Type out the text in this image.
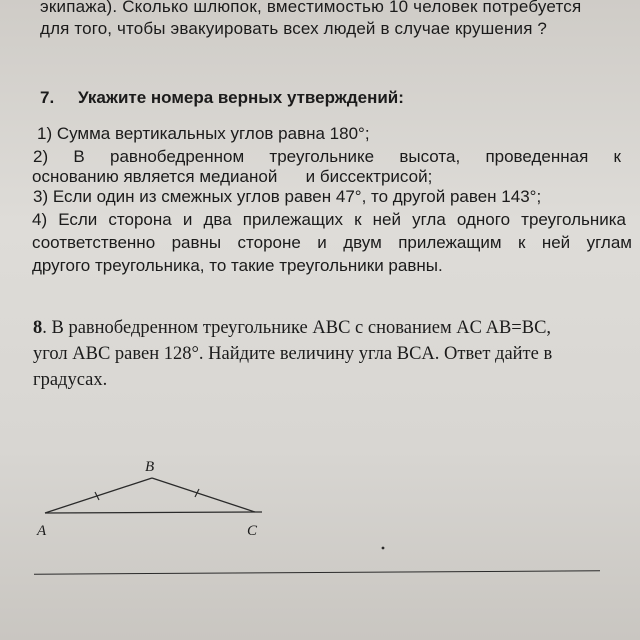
экипажа). Сколько шлюпок, вместимостью 10 человек потребуется
для того, чтобы эвакуировать всех людей в случае крушения ?
7. Укажите номера верных утверждений:
1) Сумма вертикальных углов равна 180°;
2) В равнобедренном треугольнике высота, проведенная к
основанию является медианой      и биссектрисой;
3) Если один из смежных углов равен 47°, то другой равен 143°;
4) Если сторона и два прилежащих к ней угла одного треугольника
соответственно равны стороне и двум прилежащим к ней углам
другого треугольника, то такие треугольники равны.
8. В равнобедренном треугольнике ABC с снованием AC AB=BC,
угол ABC равен 128°. Найдите величину угла BCA. Ответ дайте в
градусах.
A
B
C
